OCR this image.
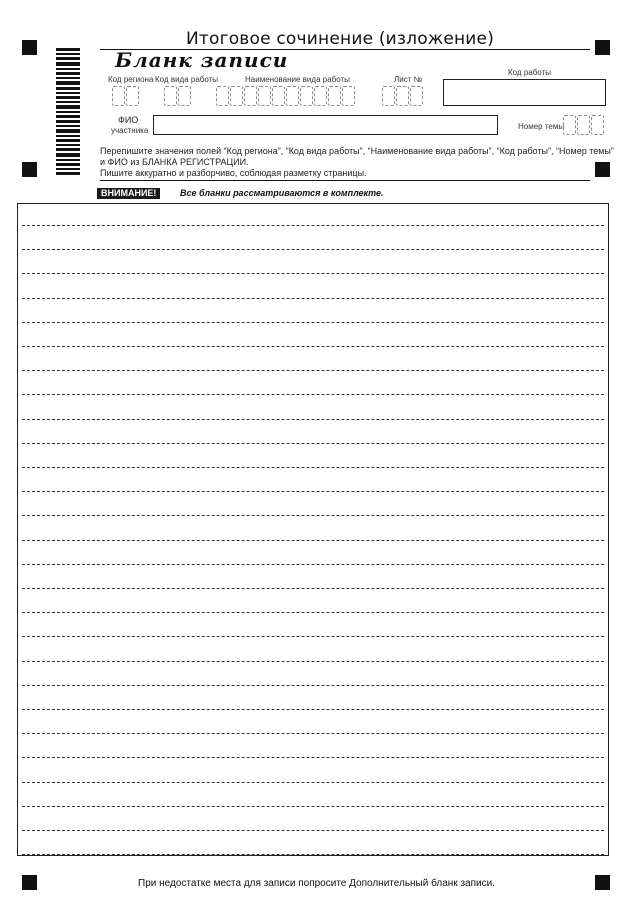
Итоговое сочинение (изложение)
Бланк записи
Код региона Код вида работы	Наименование вида работы	Лист №
Код работы
ФИО
участника	Номер темы
Перепишите значения полей “Код региона”, “Код вида работы”, “Наименование вида работы”, “Код работы”, “Номер темы”
и ФИО из БЛАНКА РЕГИСТРАЦИИ.
Пишите аккуратно и разборчиво, соблюдая разметку страницы.
ВНИМАНИЕ!	Все бланки рассматриваются в комплекте.
При недостатке места для записи попросите Дополнительный бланк записи.
